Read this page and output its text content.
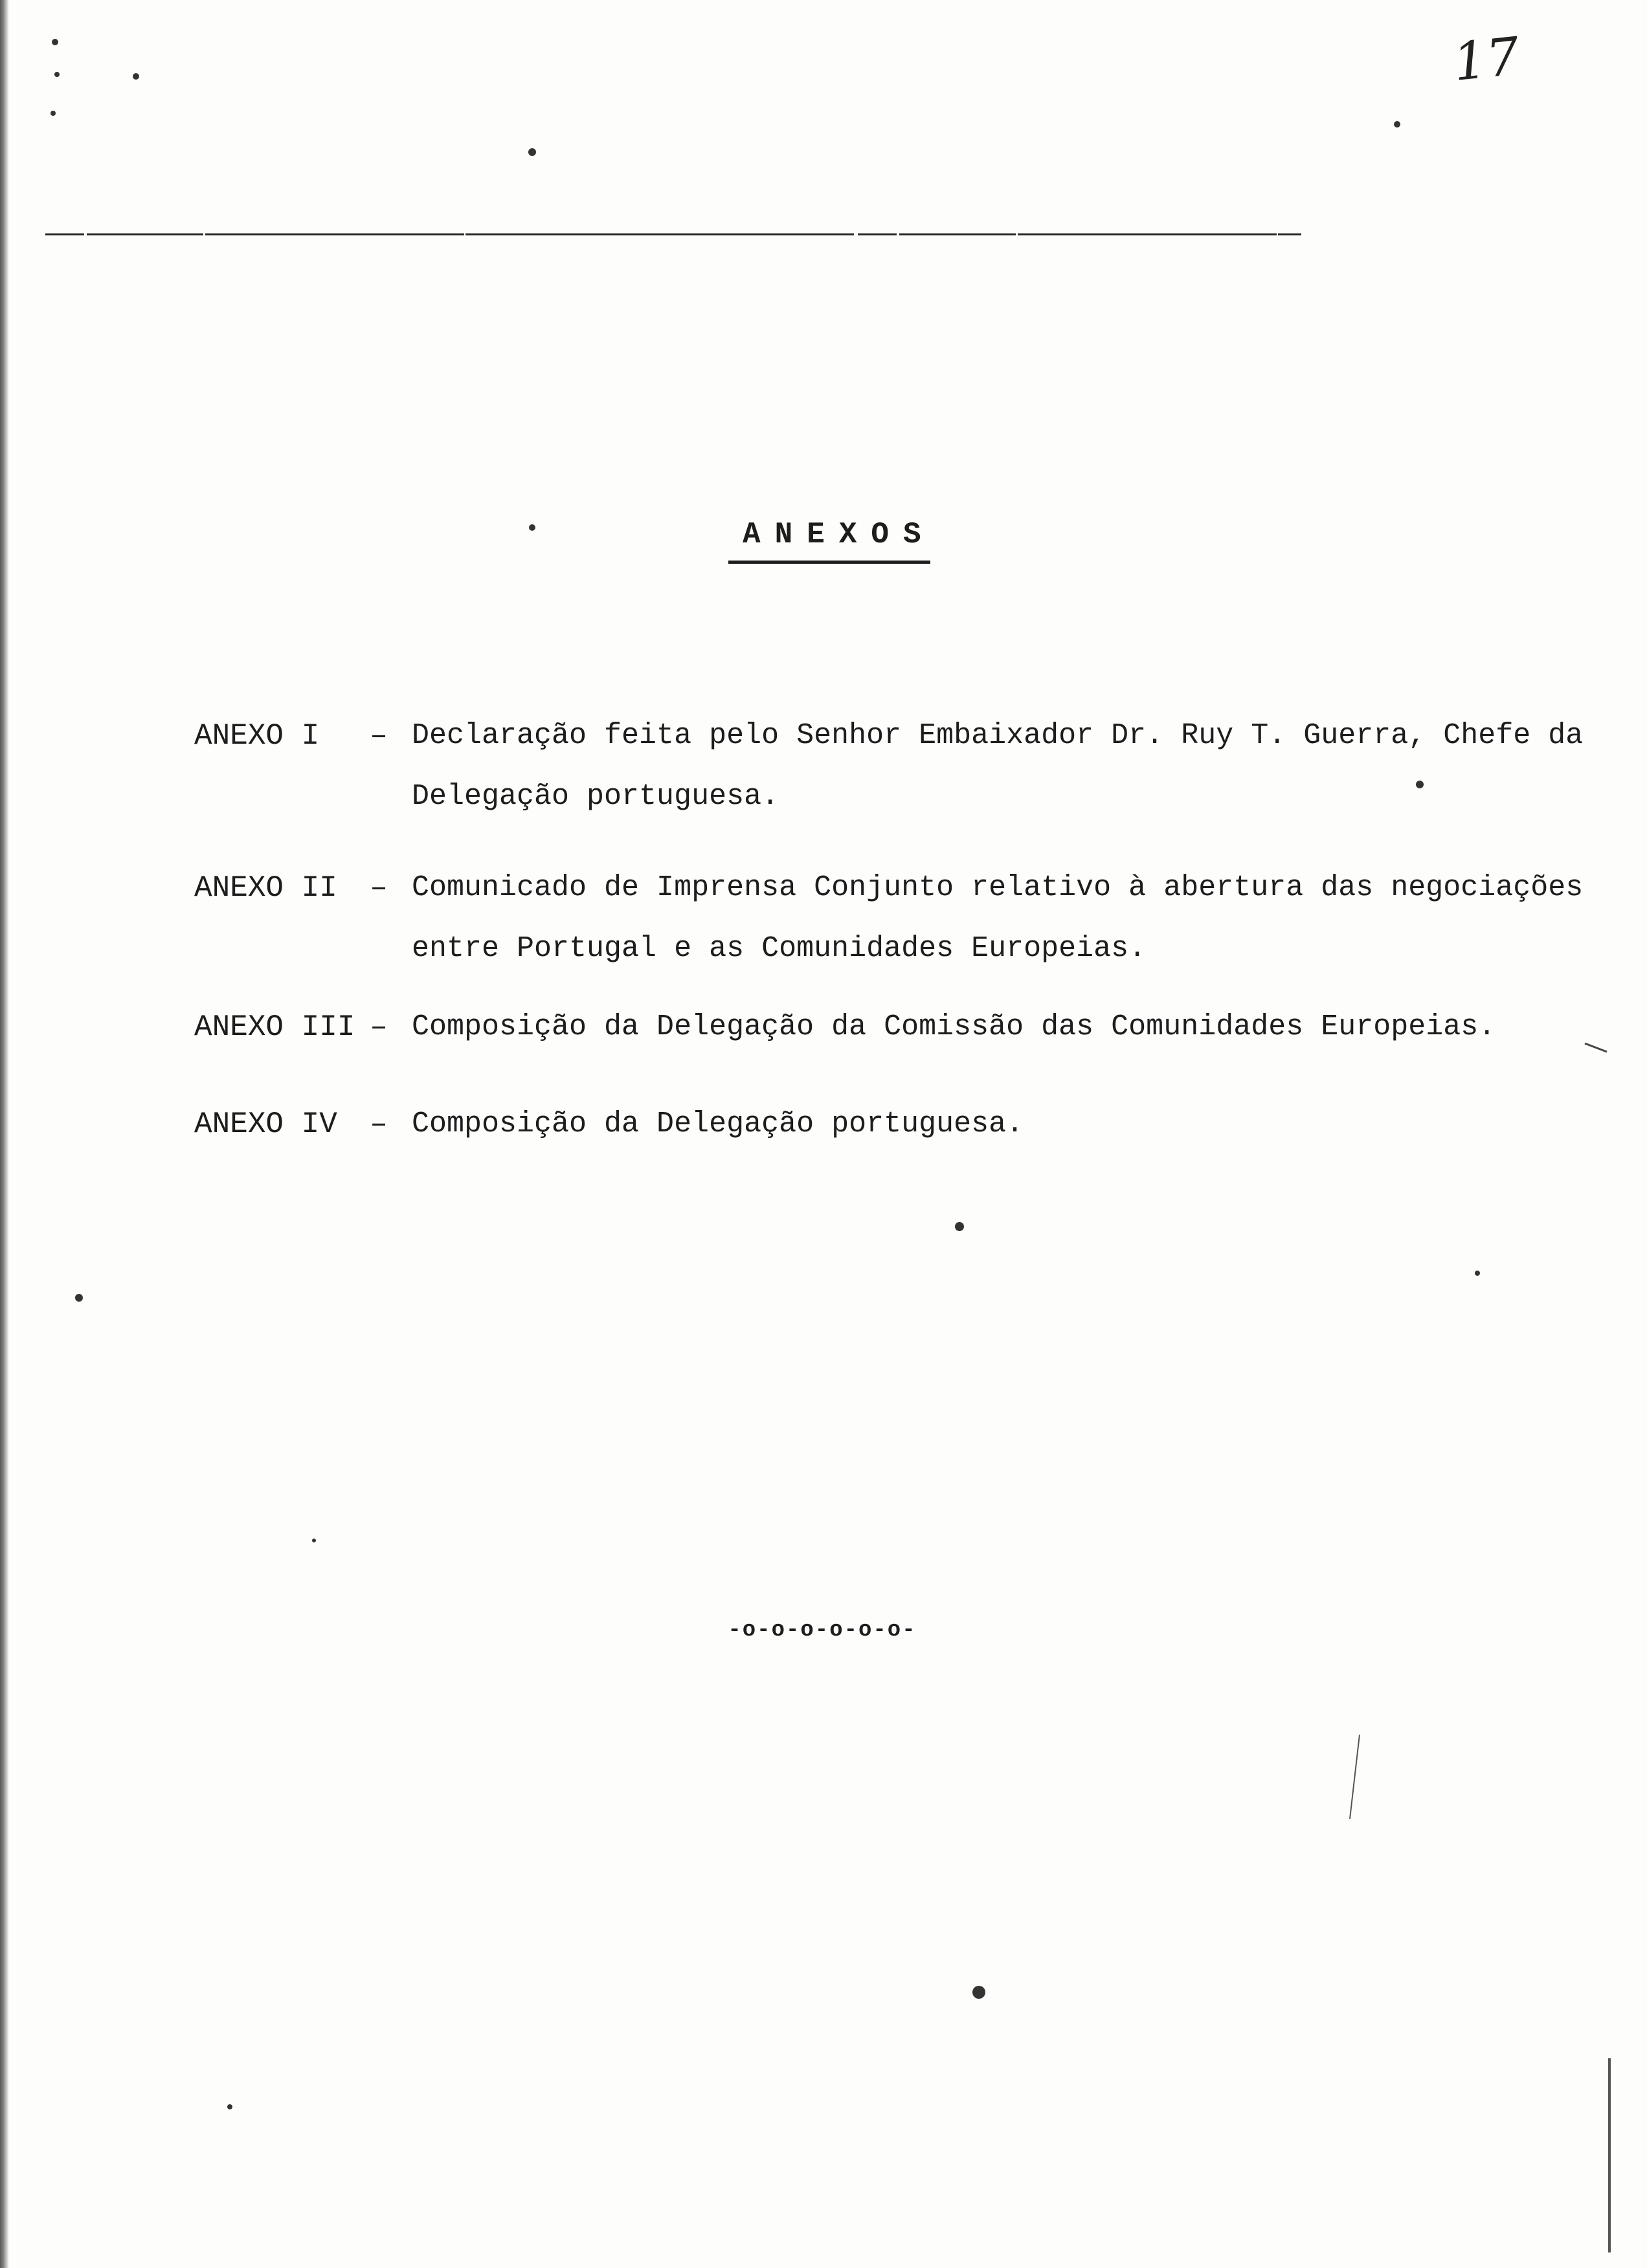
17
ANEXOS
ANEXO I	– Declaração feita pelo Senhor Embaixador Dr. Ruy T. Guerra, Chefe da Delegação portuguesa.
ANEXO II	– Comunicado de Imprensa Conjunto relativo à abertura das negociações entre Portugal e as Comunidades Europeias.
ANEXO III – Composição da Delegação da Comissão das Comunidades Europeias.
ANEXO IV	– Composição da Delegação portuguesa.
-o-o-o-o-o-o-
